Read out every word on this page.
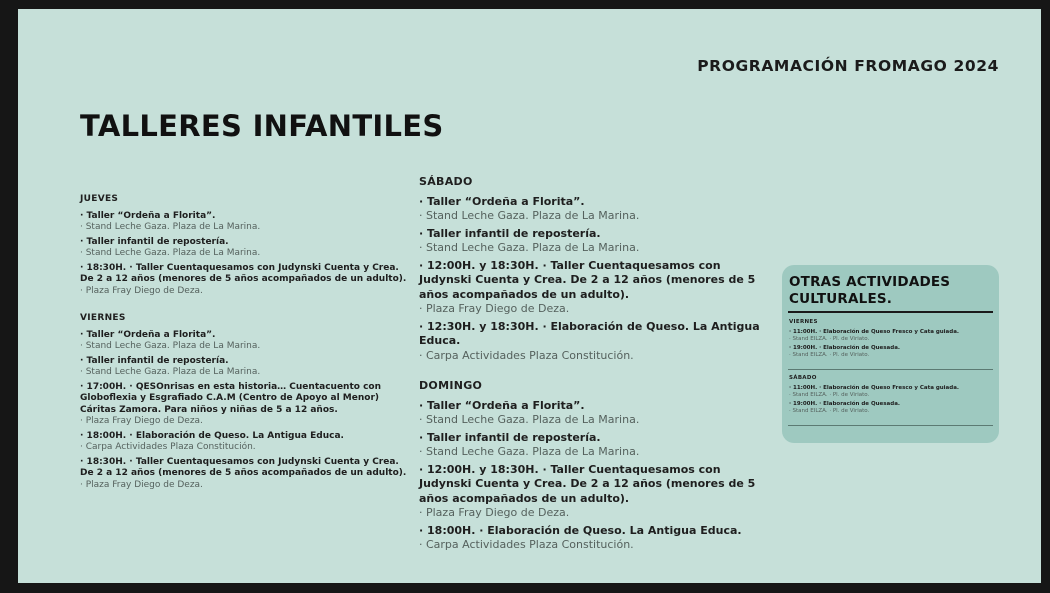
PROGRAMACIÓN FROMAGO 2024
TALLERES INFANTILES
JUEVES
· Taller “Ordeña a Florita”.
· Stand Leche Gaza. Plaza de La Marina.
· Taller infantil de repostería.
· Stand Leche Gaza. Plaza de La Marina.
· 18:30H. · Taller Cuentaquesamos con Judynski Cuenta y Crea. De 2 a 12 años (menores de 5 años acompañados de un adulto).
· Plaza Fray Diego de Deza.
VIERNES
· Taller “Ordeña a Florita”.
· Stand Leche Gaza. Plaza de La Marina.
· Taller infantil de repostería.
· Stand Leche Gaza. Plaza de La Marina.
· 17:00H. · QESOnrisas en esta historia… Cuentacuento con Globoflexia y Esgrafiado C.A.M (Centro de Apoyo al Menor) Cáritas Zamora. Para niños y niñas de 5 a 12 años.
· Plaza Fray Diego de Deza.
· 18:00H. · Elaboración de Queso. La Antigua Educa.
· Carpa Actividades Plaza Constitución.
· 18:30H. · Taller Cuentaquesamos con Judynski Cuenta y Crea. De 2 a 12 años (menores de 5 años acompañados de un adulto).
· Plaza Fray Diego de Deza.
SÁBADO
· Taller “Ordeña a Florita”.
· Stand Leche Gaza. Plaza de La Marina.
· Taller infantil de repostería.
· Stand Leche Gaza. Plaza de La Marina.
· 12:00H. y 18:30H. · Taller Cuentaquesamos con Judynski Cuenta y Crea. De 2 a 12 años (menores de 5 años acompañados de un adulto).
· Plaza Fray Diego de Deza.
· 12:30H. y 18:30H. · Elaboración de Queso. La Antigua Educa.
· Carpa Actividades Plaza Constitución.
DOMINGO
· Taller “Ordeña a Florita”.
· Stand Leche Gaza. Plaza de La Marina.
· Taller infantil de repostería.
· Stand Leche Gaza. Plaza de La Marina.
· 12:00H. y 18:30H. · Taller Cuentaquesamos con Judynski Cuenta y Crea. De 2 a 12 años (menores de 5 años acompañados de un adulto).
· Plaza Fray Diego de Deza.
· 18:00H. · Elaboración de Queso. La Antigua Educa.
· Carpa Actividades Plaza Constitución.
OTRAS ACTIVIDADES
CULTURALES.
VIERNES
· 11:00H. · Elaboración de Queso Fresco y Cata guiada.
· Stand EILZA. · Pl. de Viriato.
· 19:00H. · Elaboración de Quesada.
· Stand EILZA. · Pl. de Viriato.
SÁBADO
· 11:00H. · Elaboración de Queso Fresco y Cata guiada.
· Stand EILZA. · Pl. de Viriato.
· 19:00H. · Elaboración de Quesada.
· Stand EILZA. · Pl. de Viriato.
